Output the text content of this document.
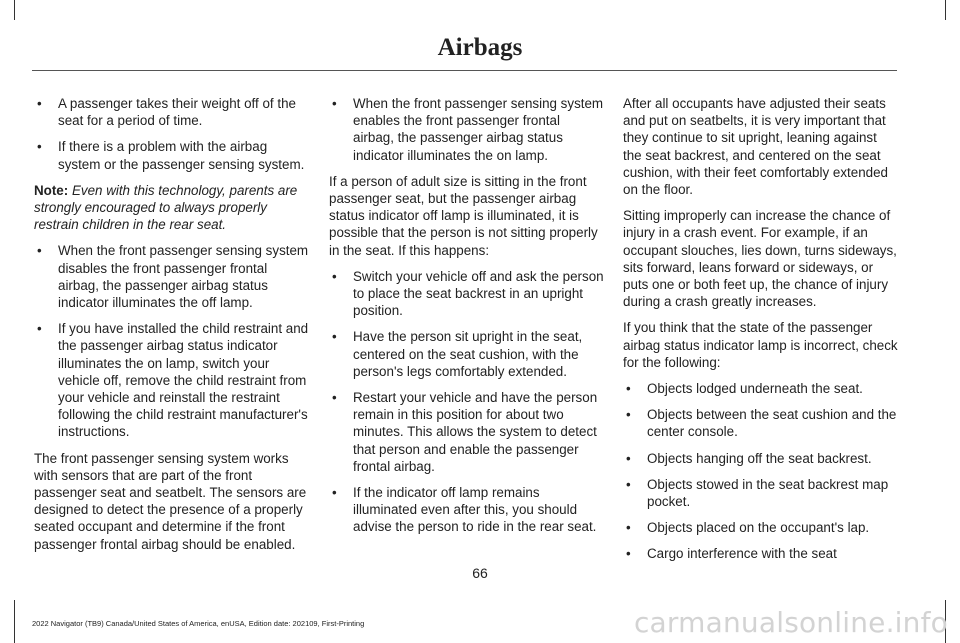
Airbags
• A passenger takes their weight off of the seat for a period of time.
• If there is a problem with the airbag system or the passenger sensing system.

Note: Even with this technology, parents are strongly encouraged to always properly restrain children in the rear seat.

• When the front passenger sensing system disables the front passenger frontal airbag, the passenger airbag status indicator illuminates the off lamp.
• If you have installed the child restraint and the passenger airbag status indicator illuminates the on lamp, switch your vehicle off, remove the child restraint from your vehicle and reinstall the restraint following the child restraint manufacturer's instructions.

The front passenger sensing system works with sensors that are part of the front passenger seat and seatbelt. The sensors are designed to detect the presence of a properly seated occupant and determine if the front passenger frontal airbag should be enabled.

• When the front passenger sensing system enables the front passenger frontal airbag, the passenger airbag status indicator illuminates the on lamp.

If a person of adult size is sitting in the front passenger seat, but the passenger airbag status indicator off lamp is illuminated, it is possible that the person is not sitting properly in the seat. If this happens:

• Switch your vehicle off and ask the person to place the seat backrest in an upright position.
• Have the person sit upright in the seat, centered on the seat cushion, with the person's legs comfortably extended.
• Restart your vehicle and have the person remain in this position for about two minutes. This allows the system to detect that person and enable the passenger frontal airbag.
• If the indicator off lamp remains illuminated even after this, you should advise the person to ride in the rear seat.

After all occupants have adjusted their seats and put on seatbelts, it is very important that they continue to sit upright, leaning against the seat backrest, and centered on the seat cushion, with their feet comfortably extended on the floor.

Sitting improperly can increase the chance of injury in a crash event. For example, if an occupant slouches, lies down, turns sideways, sits forward, leans forward or sideways, or puts one or both feet up, the chance of injury during a crash greatly increases.

If you think that the state of the passenger airbag status indicator lamp is incorrect, check for the following:

• Objects lodged underneath the seat.
• Objects between the seat cushion and the center console.
• Objects hanging off the seat backrest.
• Objects stowed in the seat backrest map pocket.
• Objects placed on the occupant's lap.
• Cargo interference with the seat
66
2022 Navigator (TB9) Canada/United States of America, enUSA, Edition date: 202109, First-Printing	carmanualsonline.info
